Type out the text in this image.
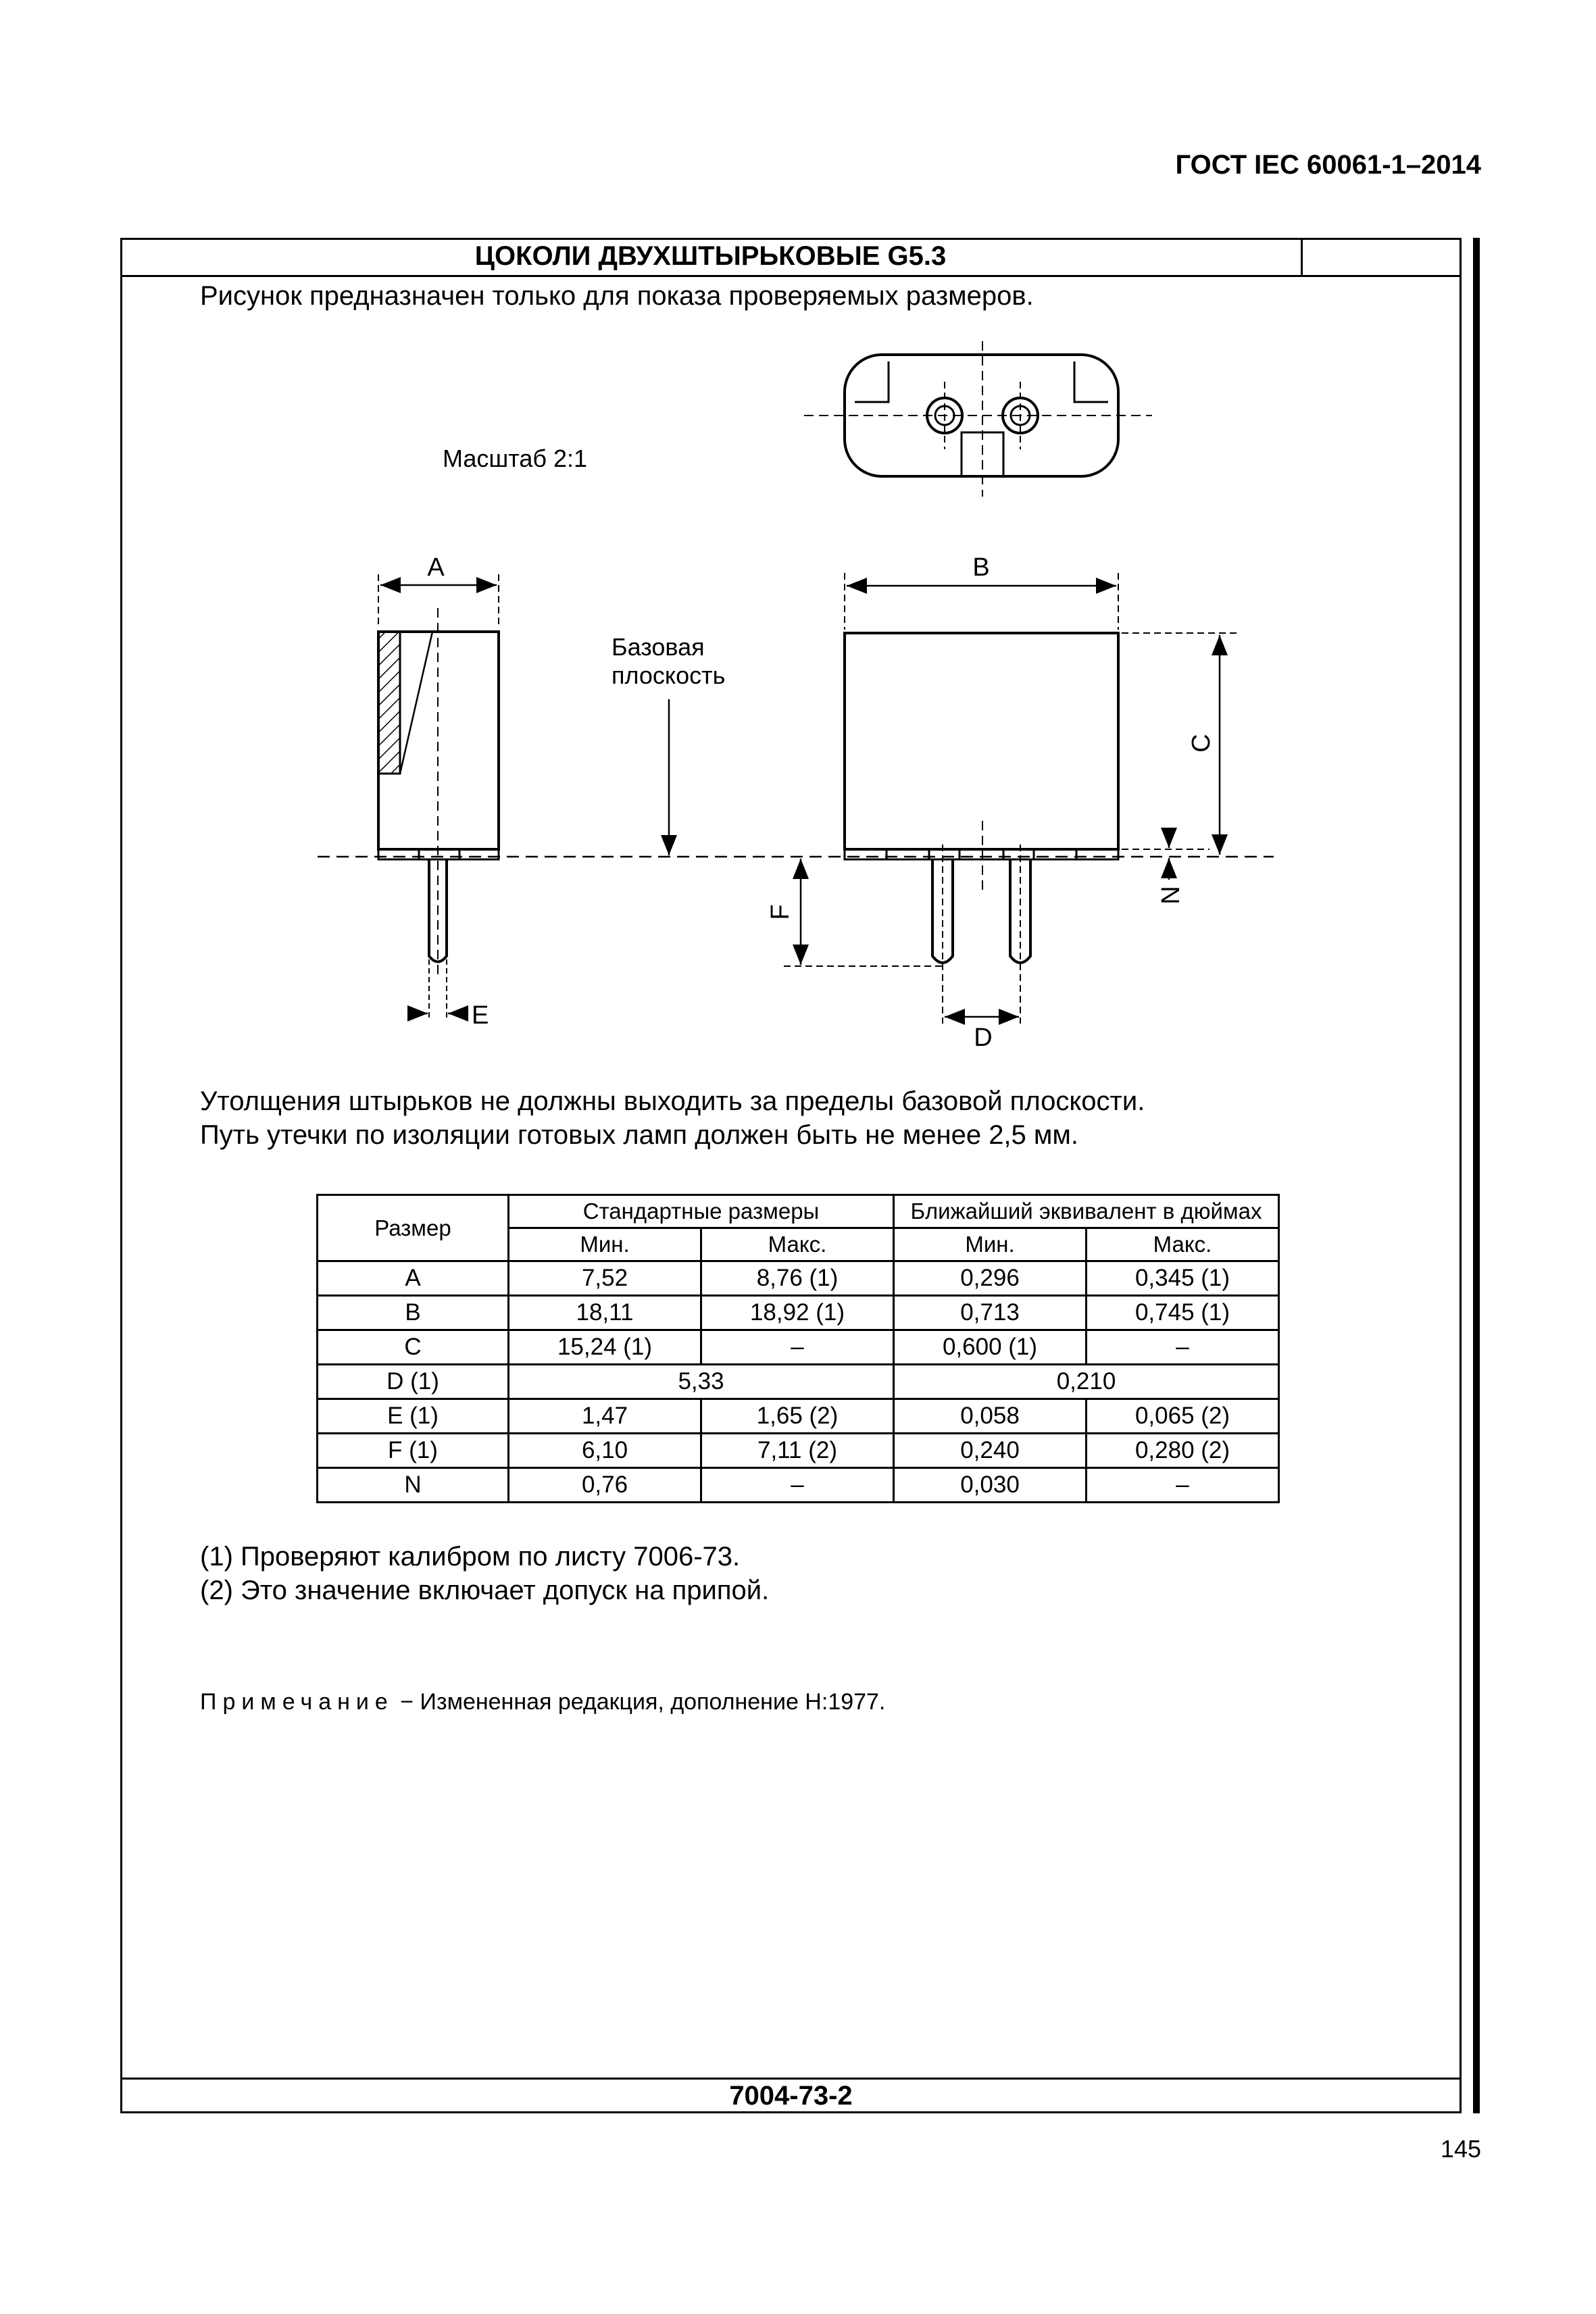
ГОСТ IEC 60061-1–2014
ЦОКОЛИ ДВУХШТЫРЬКОВЫЕ G5.3
Рисунок предназначен только для показа проверяемых размеров.
A
E
Базовая
плоскость
B
C
N
F
D
Масштаб 2:1
Утолщения штырьков не должны выходить за пределы базовой плоскости.
Путь утечки по изоляции готовых ламп должен быть не менее 2,5 мм.
Размер	Стандартные размеры		Ближайший эквивалент в дюймах	
	Мин.	Макс.	Мин.	Макс.
A	7,52	8,76 (1)	0,296	0,345 (1)
B	18,11	18,92 (1)	0,713	0,745 (1)
C	15,24 (1)	–	0,600 (1)	–
D (1)	5,33		0,210	
E (1)	1,47	1,65 (2)	0,058	0,065 (2)
F (1)	6,10	7,11 (2)	0,240	0,280 (2)
N	0,76	–	0,030	–
(1) Проверяют калибром по листу 7006-73.
(2) Это значение включает допуск на припой.
Примечание − Измененная редакция, дополнение H:1977.
7004-73-2
145
